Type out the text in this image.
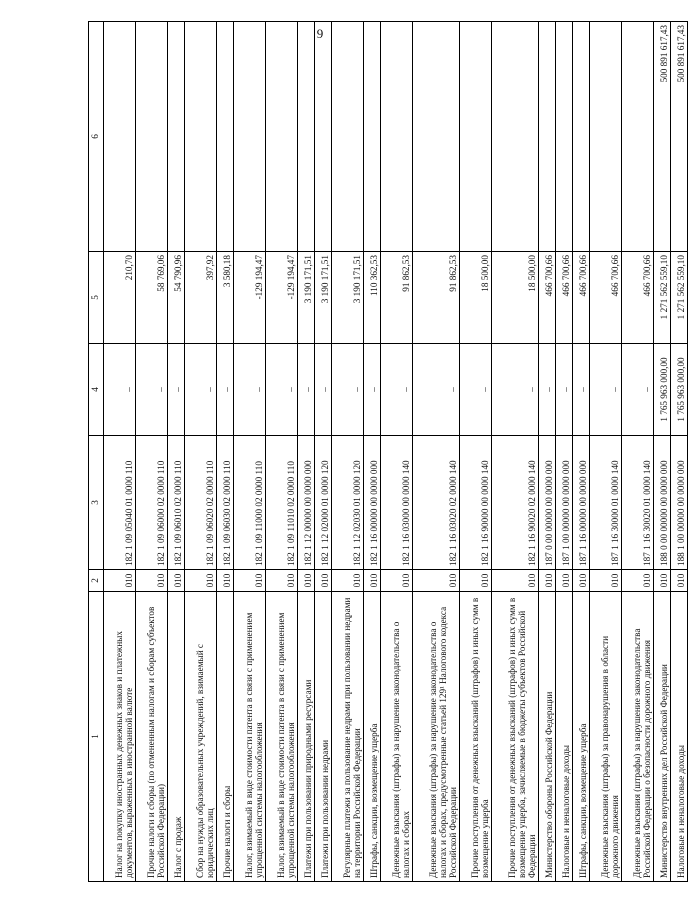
9
1	2	3	4	5	6
Налог на покупку иностранных денежных знаков и платежных документов, выраженных в иностранной валюте	010	182 1 09 05040 01 0000 110	–	210,70	
Прочие налоги и сборы (по отмененным налогам и сборам субъектов Российской Федерации)	010	182 1 09 06000 02 0000 110	–	58 769,06	
Налог с продаж	010	182 1 09 06010 02 0000 110	–	54 790,96	
Сбор на нужды образовательных учреждений, взимаемый с юридических лиц	010	182 1 09 06020 02 0000 110	–	397,92	
Прочие налоги и сборы	010	182 1 09 06030 02 0000 110	–	3 580,18	
Налог, взимаемый в виде стоимости патента в связи с применением упрощенной системы налогообложения	010	182 1 09 11000 02 0000 110	–	-129 194,47	
Налог, взимаемый в виде стоимости патента в связи с применением упрощенной системы налогообложения	010	182 1 09 11010 02 0000 110	–	-129 194,47	
Платежи при пользовании природными ресурсами	010	182 1 12 00000 00 0000 000	–	3 190 171,51	
Платежи при пользовании недрами	010	182 1 12 02000 01 0000 120	–	3 190 171,51	
Регулярные платежи за пользование недрами при пользовании недрами на территории Российской Федерации	010	182 1 12 02030 01 0000 120	–	3 190 171,51	
Штрафы, санкции, возмещение ущерба	010	182 1 16 00000 00 0000 000	–	110 362,53	
Денежные взыскания (штрафы) за нарушение законодательства о налогах и сборах	010	182 1 16 03000 00 0000 140	–	91 862,53	
Денежные взыскания (штрафы) за нарушение законодательства о налогах и сборах, предусмотренные статьей 129¹ Налогового кодекса Российской Федерации	010	182 1 16 03020 02 0000 140	–	91 862,53	
Прочие поступления от денежных взысканий (штрафов) и иных сумм в возмещение ущерба	010	182 1 16 90000 00 0000 140	–	18 500,00	
Прочие поступления от денежных взысканий (штрафов) и иных сумм в возмещение ущерба, зачисляемые в бюджеты субъектов Российской Федерации	010	182 1 16 90020 02 0000 140	–	18 500,00	
Министерство обороны Российской Федерации	010	187 0 00 00000 00 0000 000	–	466 700,66	
Налоговые и неналоговые доходы	010	187 1 00 00000 00 0000 000	–	466 700,66	
Штрафы, санкции, возмещение ущерба	010	187 1 16 00000 00 0000 000	–	466 700,66	
Денежные взыскания (штрафы) за правонарушения в области дорожного движения	010	187 1 16 30000 01 0000 140	–	466 700,66	
Денежные взыскания (штрафы) за нарушение законодательства Российской Федерации о безопасности дорожного движения	010	187 1 16 30020 01 0000 140	–	466 700,66	
Министерство внутренних дел Российской Федерации	010	188 0 00 00000 00 0000 000	1 765 963 000,00	1 271 562 559,10	500 891 617,43
Налоговые и неналоговые доходы	010	188 1 00 00000 00 0000 000	1 765 963 000,00	1 271 562 559,10	500 891 617,43
